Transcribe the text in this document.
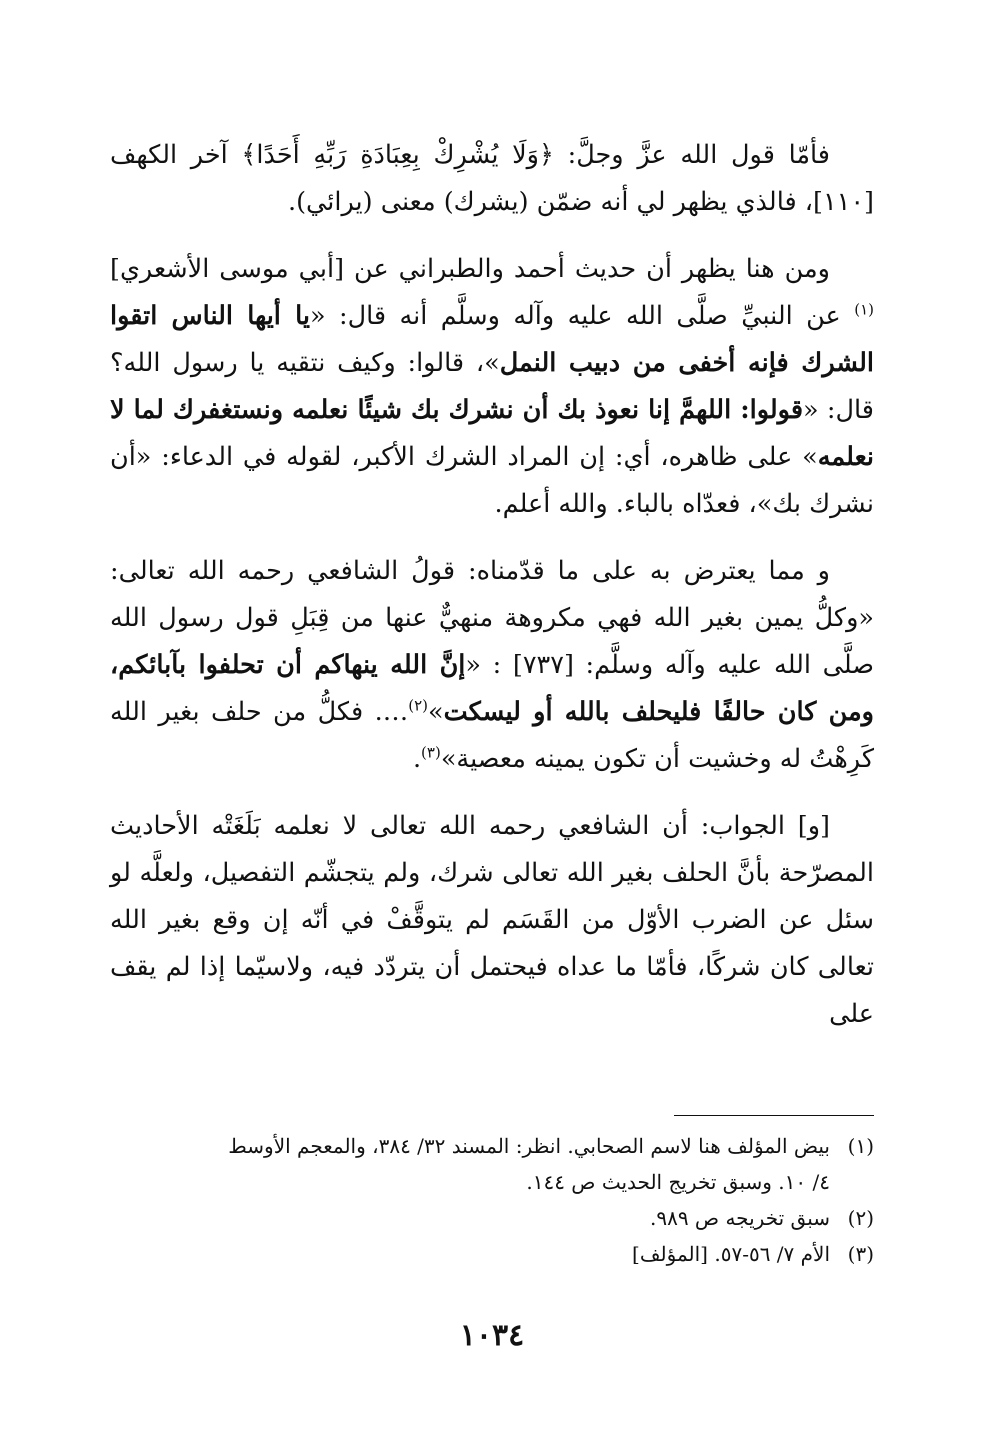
فأمّا قول الله عزَّ وجلَّ: ﴿وَلَا يُشْرِكْ بِعِبَادَةِ رَبِّهِ أَحَدًا﴾ آخر الكهف [١١٠]، فالذي يظهر لي أنه ضمّن (يشرك) معنى (يرائي).

ومن هنا يظهر أن حديث أحمد والطبراني عن [أبي موسى الأشعري]$^{(١)}$ عن النبيِّ صلَّى الله عليه وآله وسلَّم أنه قال: «يا أيها الناس اتقوا الشرك فإنه أخفى من دبيب النمل»، قالوا: وكيف نتقيه يا رسول الله؟ قال: «قولوا: اللهمَّ إنا نعوذ بك أن نشرك بك شيئًا نعلمه ونستغفرك لما لا نعلمه» على ظاهره، أي: إن المراد الشرك الأكبر، لقوله في الدعاء: «أن نشرك بك»، فعدّاه بالباء. والله أعلم.

و مما يعترض به على ما قدّمناه: قولُ الشافعي رحمه الله تعالى: «وكلُّ يمين بغير الله فهي مكروهة منهيٌّ عنها من قِبَلِ قول رسول الله صلَّى الله عليه وآله وسلَّم: [٧٣٧] : «إنَّ الله ينهاكم أن تحلفوا بآبائكم، ومن كان حالفًا فليحلف بالله أو ليسكت»$^{(٢)}$…. فكلُّ من حلف بغير الله كَرِهْتُ له وخشيت أن تكون يمينه معصية»$^{(٣)}$.

[و] الجواب: أن الشافعي رحمه الله تعالى لا نعلمه بَلَغَتْه الأحاديث المصرّحة بأنَّ الحلف بغير الله تعالى شرك، ولم يتجشّم التفصيل، ولعلَّه لو سئل عن الضرب الأوّل من القَسَم لم يتوقَّفْ في أنّه إن وقع بغير الله تعالى كان شركًا، فأمّا ما عداه فيحتمل أن يتردّد فيه، ولاسيّما إذا لم يقف على

(١)بيض المؤلف هنا لاسم الصحابي. انظر: المسند ٣٢/ ٣٨٤، والمعجم الأوسط
٤/ ١٠. وسبق تخريج الحديث ص ١٤٤.

(٢)سبق تخريجه ص ٩٨٩.

(٣)الأم ٧/ ٥٦-٥٧. [المؤلف]

١٠٣٤
